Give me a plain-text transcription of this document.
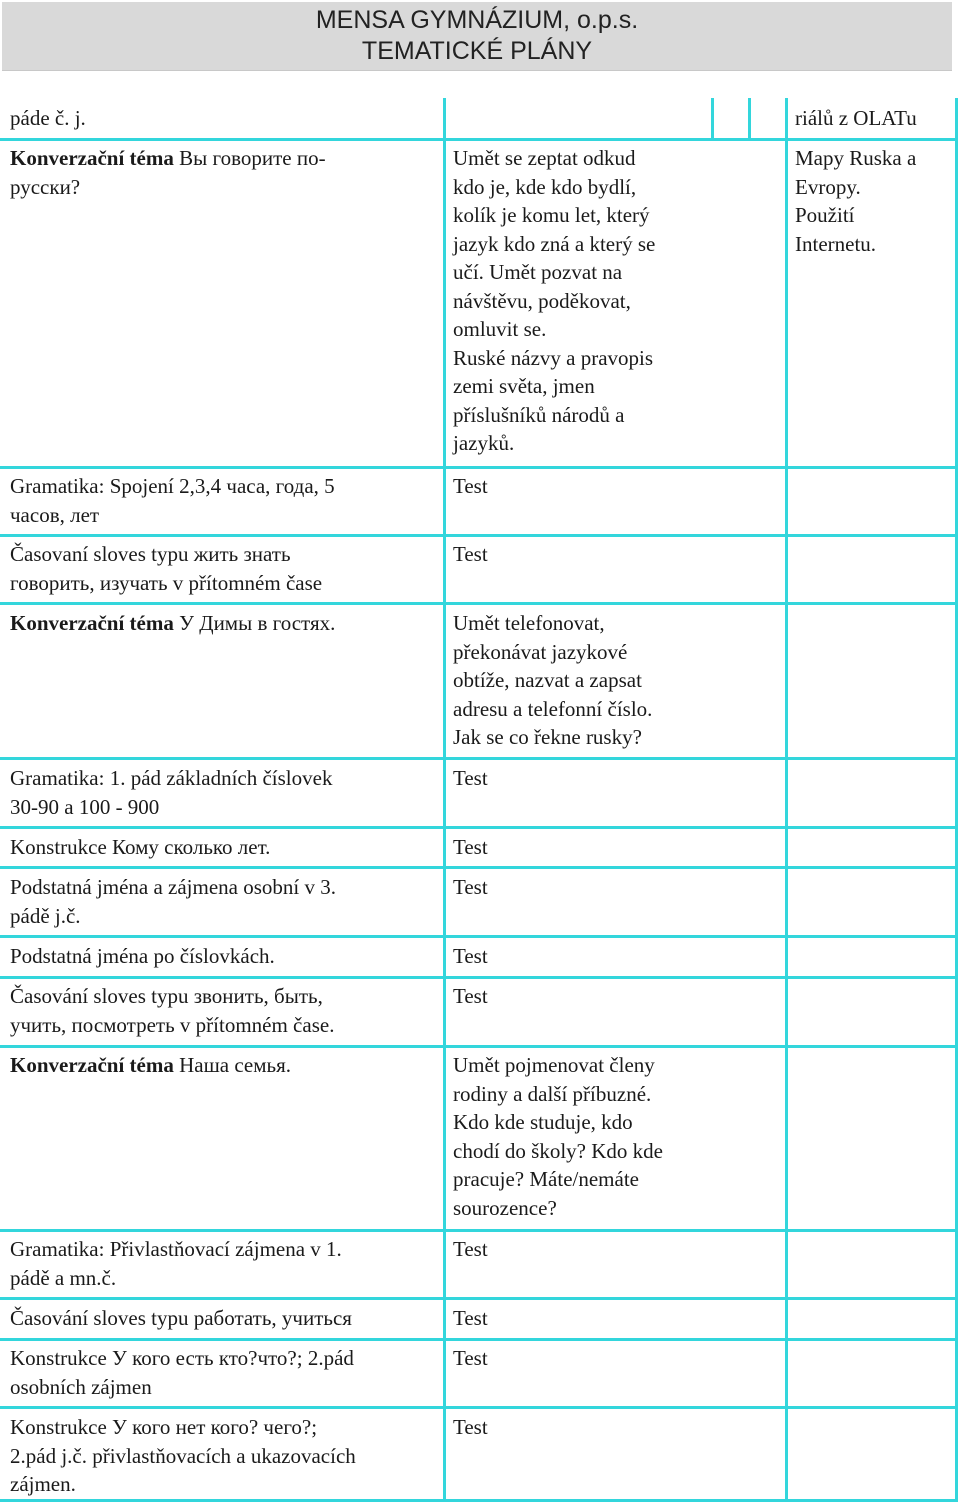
MENSA GYMNÁZIUM, o.p.s.
TEMATICKÉ PLÁNY
páde č. j.
Konverzační téma Вы говорите по-
русски?
Gramatika: Spojení 2,3,4 часа, года, 5
часов, лет
Časovaní sloves typu жить знать
говорить, изучать v přítomném čase
Konverzační téma У Димы в гостях.
Gramatika: 1. pád základních číslovek
30-90 a 100 - 900
Konstrukce Кому сколько лет.
Podstatná jména a zájmena osobní v 3.
pádě j.č.
Podstatná jména po číslovkách.
Časování sloves typu звонить, быть,
учить, посмотреть v přítomném čase.
Konverzační téma Наша семья.
Gramatika: Přivlastňovací zájmena v 1.
pádě a mn.č.
Časování sloves typu работать, учиться
Konstrukce У кого есть кто?что?; 2.pád
osobních zájmen
Konstrukce У кого нет кого? чего?;
2.pád j.č. přivlastňovacích a ukazovacích
zájmen.
Umět se zeptat odkud
kdo je, kde kdo bydlí,
kolík je komu let, který
jazyk kdo zná a který se
učí. Umět pozvat na
návštěvu, poděkovat,
omluvit se.
Ruské názvy a pravopis
zemi světa, jmen
příslušníků národů a
jazyků.
Test
Test
Umět telefonovat,
překonávat jazykové
obtíže, nazvat a zapsat
adresu a telefonní číslo.
Jak se co řekne rusky?
Test
Test
Test
Test
Test
Umět pojmenovat členy
rodiny a další příbuzné.
Kdo kde studuje, kdo
chodí do školy? Kdo kde
pracuje? Máte/nemáte
sourozence?
Test
Test
Test
Test
riálů z OLATu
Mapy Ruska a
Evropy.
Použití
Internetu.
